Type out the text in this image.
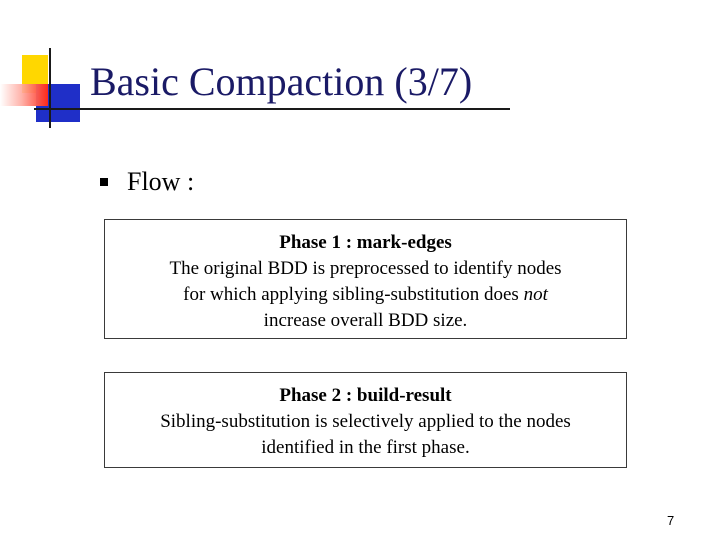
Basic Compaction (3/7)
Flow :
Phase 1 : mark-edges
The original BDD is preprocessed to identify nodes
for which applying sibling-substitution does not
increase overall BDD size.
Phase 2 : build-result
Sibling-substitution is selectively applied to the nodes
identified in the first phase.
7
